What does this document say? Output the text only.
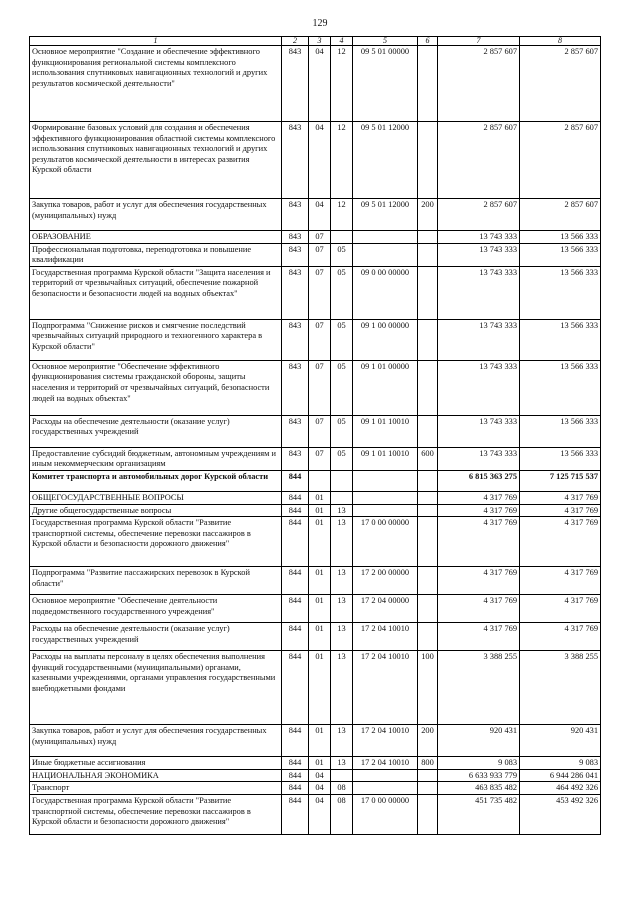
129
1	2	3	4	5	6	7	8
Основное мероприятие "Создание и обеспечение эффективного функционирования региональной системы комплексного использования спутниковых навигационных технологий и других результатов космической деятельности"	843	04	12	09 5 01 00000		2 857 607	2 857 607
Формирование базовых условий для создания и обеспечения эффективного функционирования областной системы комплексного использования спутниковых навигационных технологий и других результатов космической деятельности в интересах развития Курской области	843	04	12	09 5 01 12000		2 857 607	2 857 607
Закупка товаров, работ и услуг для обеспечения государственных (муниципальных) нужд	843	04	12	09 5 01 12000	200	2 857 607	2 857 607
ОБРАЗОВАНИЕ	843	07				13 743 333	13 566 333
Профессиональная подготовка, переподготовка и повышение квалификации	843	07	05			13 743 333	13 566 333
Государственная программа Курской области "Защита населения и территорий от чрезвычайных ситуаций, обеспечение пожарной безопасности и безопасности людей на водных объектах"	843	07	05	09 0 00 00000		13 743 333	13 566 333
Подпрограмма "Снижение рисков и смягчение последствий чрезвычайных ситуаций природного и техногенного характера в Курской области"	843	07	05	09 1 00 00000		13 743 333	13 566 333
Основное мероприятие "Обеспечение эффективного функционирования системы гражданской обороны, защиты населения и территорий от чрезвычайных ситуаций, безопасности людей на водных объектах"	843	07	05	09 1 01 00000		13 743 333	13 566 333
Расходы на обеспечение деятельности (оказание услуг) государственных учреждений	843	07	05	09 1 01 10010		13 743 333	13 566 333
Предоставление субсидий бюджетным, автономным учреждениям и иным некоммерческим организациям	843	07	05	09 1 01 10010	600	13 743 333	13 566 333
Комитет транспорта и автомобильных дорог Курской области	844					6 815 363 275	7 125 715 537
ОБЩЕГОСУДАРСТВЕННЫЕ ВОПРОСЫ	844	01				4 317 769	4 317 769
Другие общегосударственные вопросы	844	01	13			4 317 769	4 317 769
Государственная программа Курской области "Развитие транспортной системы, обеспечение перевозки пассажиров в Курской области и безопасности дорожного движения"	844	01	13	17 0 00 00000		4 317 769	4 317 769
Подпрограмма "Развитие пассажирских перевозок в Курской области"	844	01	13	17 2 00 00000		4 317 769	4 317 769
Основное мероприятие "Обеспечение деятельности подведомственного государственного учреждения"	844	01	13	17 2 04 00000		4 317 769	4 317 769
Расходы на обеспечение деятельности (оказание услуг) государственных учреждений	844	01	13	17 2 04 10010		4 317 769	4 317 769
Расходы на выплаты персоналу в целях обеспечения выполнения функций государственными (муниципальными) органами, казенными учреждениями, органами управления государственными внебюджетными фондами	844	01	13	17 2 04 10010	100	3 388 255	3 388 255
Закупка товаров, работ и услуг для обеспечения государственных (муниципальных) нужд	844	01	13	17 2 04 10010	200	920 431	920 431
Иные бюджетные ассигнования	844	01	13	17 2 04 10010	800	9 083	9 083
НАЦИОНАЛЬНАЯ ЭКОНОМИКА	844	04				6 633 933 779	6 944 286 041
Транспорт	844	04	08			463 835 482	464 492 326
Государственная программа Курской области "Развитие транспортной системы, обеспечение перевозки пассажиров в Курской области и безопасности дорожного движения"	844	04	08	17 0 00 00000		451 735 482	453 492 326
